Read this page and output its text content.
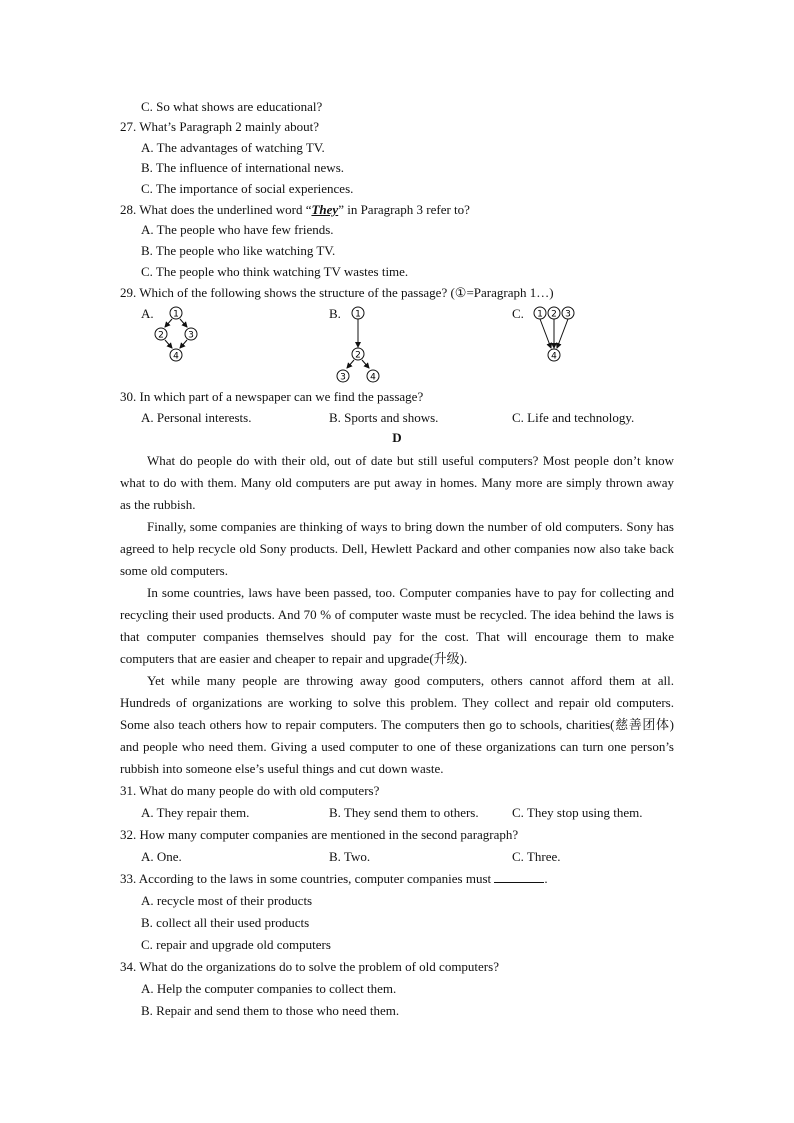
C. So what shows are educational?
27. What’s Paragraph 2 mainly about?
A. The advantages of watching TV.
B. The influence of international news.
C. The importance of social experiences.
28. What does the underlined word “They” in Paragraph 3 refer to?
A. The people who have few friends.
B. The people who like watching TV.
C. The people who think watching TV wastes time.
29. Which of the following shows the structure of the passage? (①=Paragraph 1…)
A.	B.	C.
1
2	3
4
1
2
3	4
1 2 3
4
30. In which part of a newspaper can we find the passage?
A. Personal interests.	B. Sports and shows.	C. Life and technology.
D

What do people do with their old, out of date but still useful computers? Most people don’t know what to do with them. Many old computers are put away in homes. Many more are simply thrown away as the rubbish.

Finally, some companies are thinking of ways to bring down the number of old computers. Sony has agreed to help recycle old Sony products. Dell, Hewlett Packard and other companies now also take back some old computers.

In some countries, laws have been passed, too. Computer companies have to pay for collecting and recycling their used products. And 70 % of computer waste must be recycled. The idea behind the laws is that computer companies themselves should pay for the cost. That will encourage them to make computers that are easier and cheaper to repair and upgrade(升级).

Yet while many people are throwing away good computers, others cannot afford them at all. Hundreds of organizations are working to solve this problem. They collect and repair old computers. Some also teach others how to repair computers. The computers then go to schools, charities(慈善团体) and people who need them. Giving a used computer to one of these organizations can turn one person’s rubbish into someone else’s useful things and cut down waste.

31. What do many people do with old computers?
A. They repair them.	B. They send them to others.	C. They stop using them.
32. How many computer companies are mentioned in the second paragraph?
A. One.	B. Two.	C. Three.
33. According to the laws in some countries, computer companies must	.
A. recycle most of their products
B. collect all their used products
C. repair and upgrade old computers
34. What do the organizations do to solve the problem of old computers?
A. Help the computer companies to collect them.
B. Repair and send them to those who need them.
